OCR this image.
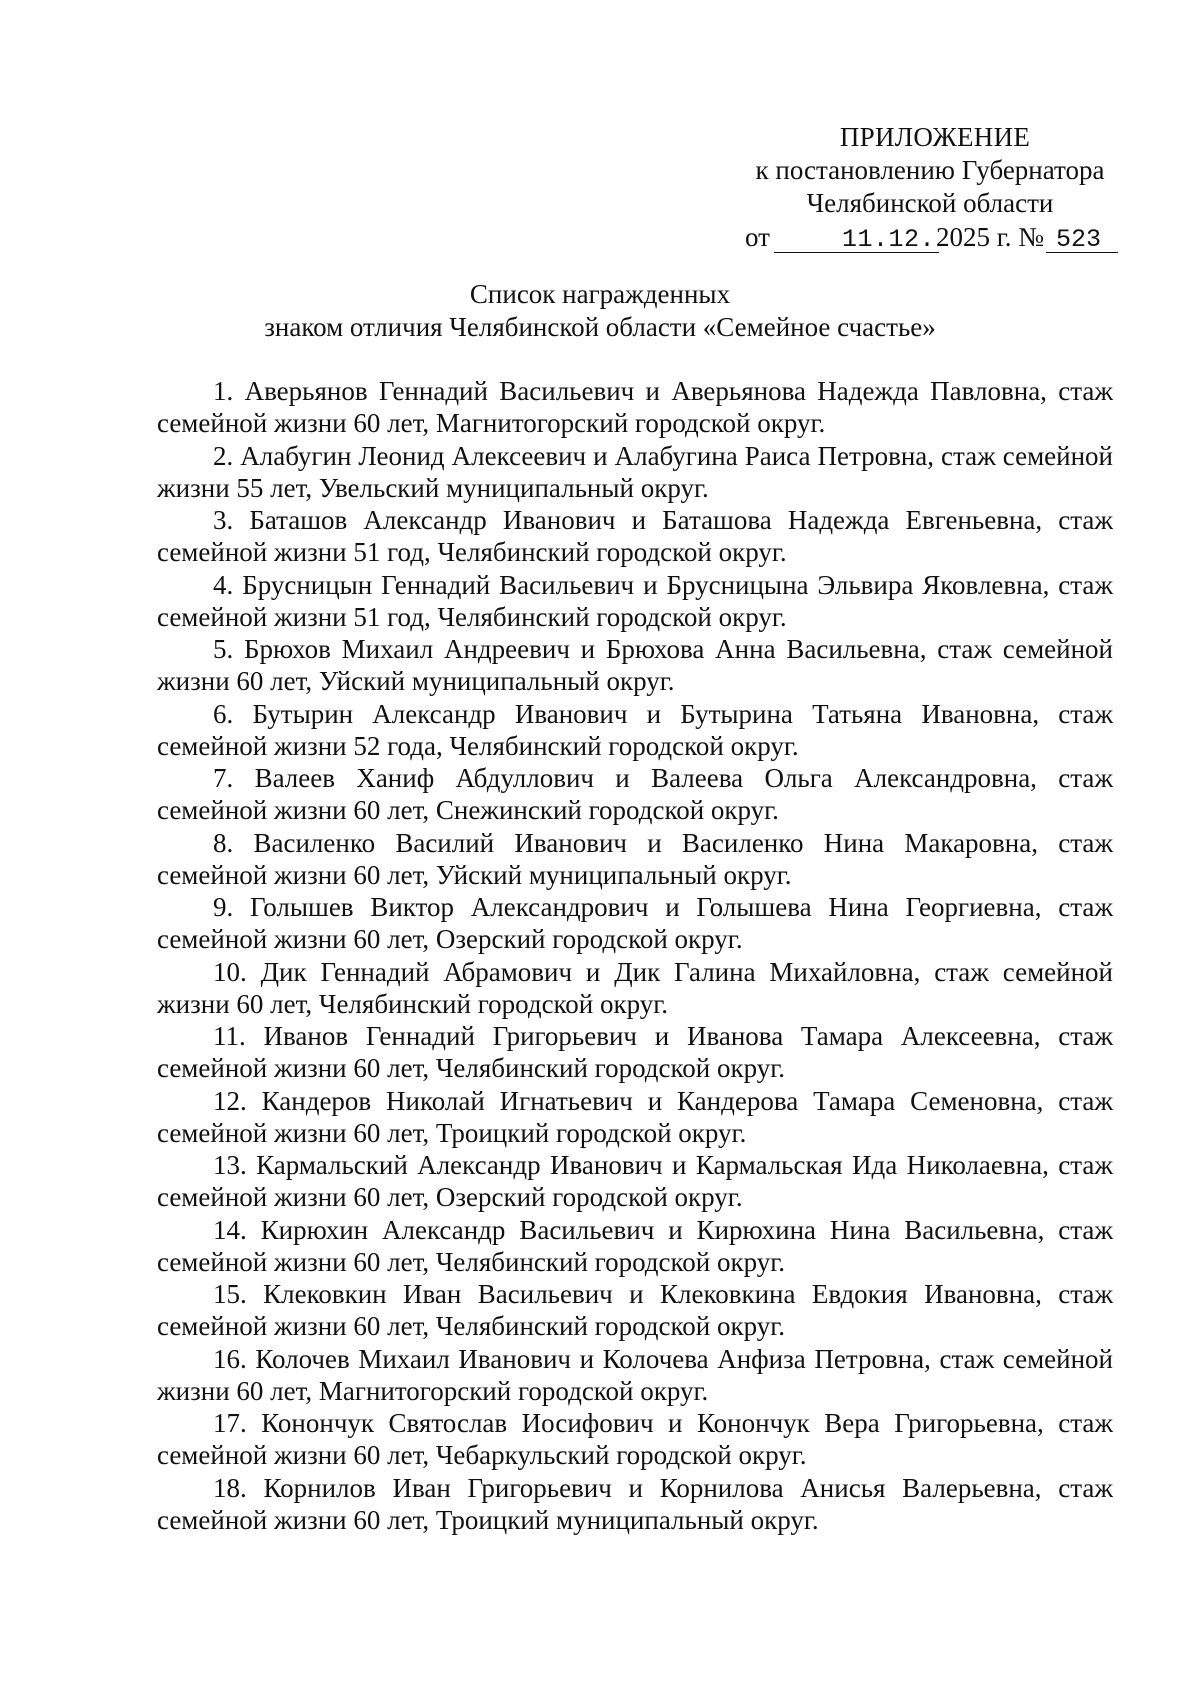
ПРИЛОЖЕНИЕ
к постановлению Губернатора
Челябинской области
от	11.12. 2025 г. № 523
Список награжденных
знаком отличия Челябинской области «Семейное счастье»
1. Аверьянов Геннадий Васильевич и Аверьянова Надежда Павловна, стаж семейной жизни 60 лет, Магнитогорский городской округ.
2. Алабугин Леонид Алексеевич и Алабугина Раиса Петровна, стаж семейной жизни 55 лет, Увельский муниципальный округ.
3. Баташов Александр Иванович и Баташова Надежда Евгеньевна, стаж семейной жизни 51 год, Челябинский городской округ.
4. Брусницын Геннадий Васильевич и Брусницына Эльвира Яковлевна, стаж семейной жизни 51 год, Челябинский городской округ.
5. Брюхов Михаил Андреевич и Брюхова Анна Васильевна, стаж семейной жизни 60 лет, Уйский муниципальный округ.
6. Бутырин Александр Иванович и Бутырина Татьяна Ивановна, стаж семейной жизни 52 года, Челябинский городской округ.
7. Валеев Ханиф Абдуллович и Валеева Ольга Александровна, стаж семейной жизни 60 лет, Снежинский городской округ.
8. Василенко Василий Иванович и Василенко Нина Макаровна, стаж семейной жизни 60 лет, Уйский муниципальный округ.
9. Голышев Виктор Александрович и Голышева Нина Георгиевна, стаж семейной жизни 60 лет, Озерский городской округ.
10. Дик Геннадий Абрамович и Дик Галина Михайловна, стаж семейной жизни 60 лет, Челябинский городской округ.
11. Иванов Геннадий Григорьевич и Иванова Тамара Алексеевна, стаж семейной жизни 60 лет, Челябинский городской округ.
12. Кандеров Николай Игнатьевич и Кандерова Тамара Семеновна, стаж семейной жизни 60 лет, Троицкий городской округ.
13. Кармальский Александр Иванович и Кармальская Ида Николаевна, стаж семейной жизни 60 лет, Озерский городской округ.
14. Кирюхин Александр Васильевич и Кирюхина Нина Васильевна, стаж семейной жизни 60 лет, Челябинский городской округ.
15. Клековкин Иван Васильевич и Клековкина Евдокия Ивановна, стаж семейной жизни 60 лет, Челябинский городской округ.
16. Колочев Михаил Иванович и Колочева Анфиза Петровна, стаж семейной жизни 60 лет, Магнитогорский городской округ.
17. Конончук Святослав Иосифович и Конончук Вера Григорьевна, стаж семейной жизни 60 лет, Чебаркульский городской округ.
18. Корнилов Иван Григорьевич и Корнилова Анисья Валерьевна, стаж семейной жизни 60 лет, Троицкий муниципальный округ.
